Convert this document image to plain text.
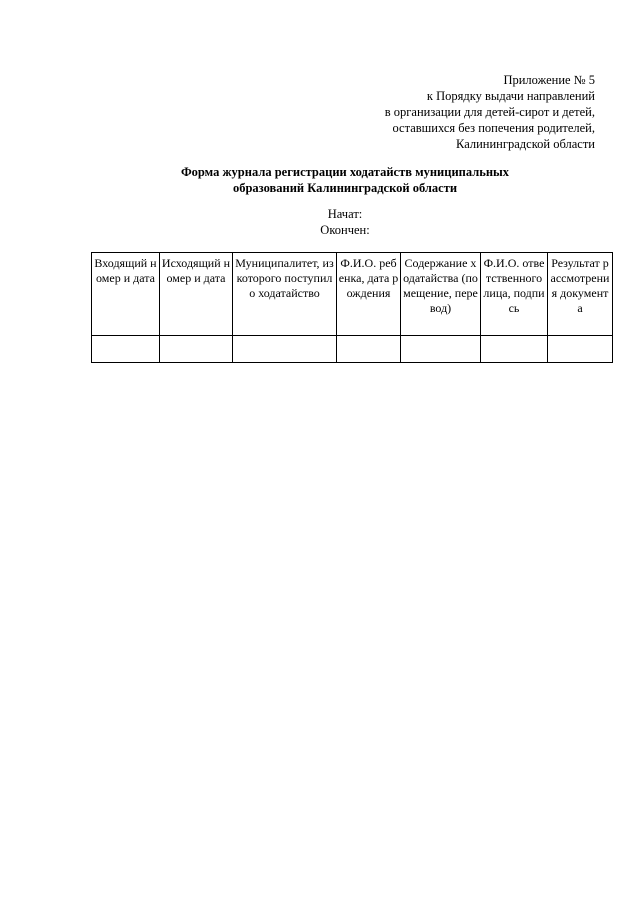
Приложение № 5
к Порядку выдачи направлений
в организации для детей-сирот и детей,
оставшихся без попечения родителей,
Калининградской области
Форма журнала регистрации ходатайств муниципальных
образований Калининградской области
Начат:
Окончен:
Входящий номер и дата	Исходящий номер и дата	Муниципалитет, из которого поступило ходатайство	Ф.И.О. ребенка, дата рождения	Содержание ходатайства (помещение, перевод)	Ф.И.О. ответственного лица, подпись	Результат рассмотрения документа
